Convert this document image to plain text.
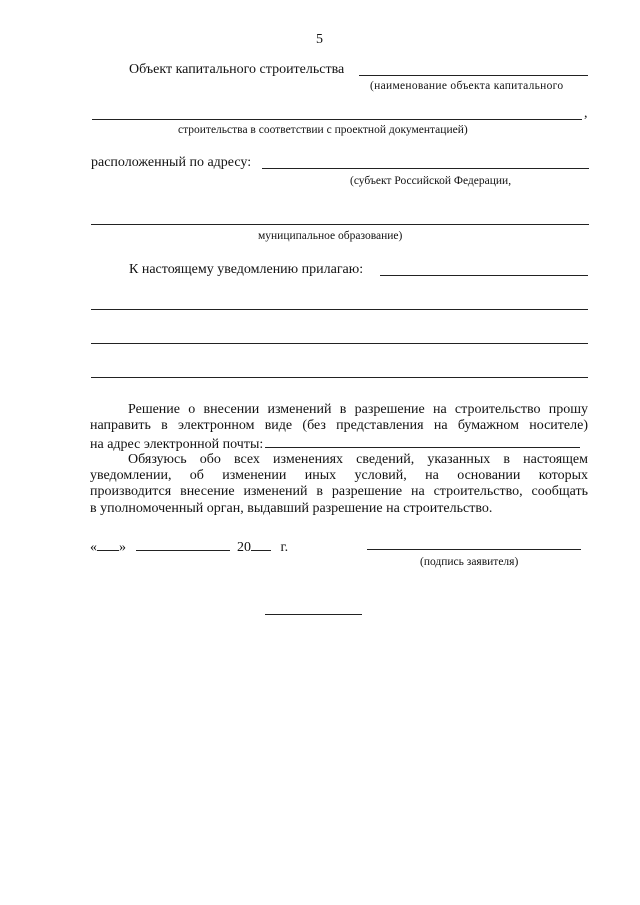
5
Объект капитального строительства
(наименование объекта капитального
,
строительства в соответствии с проектной документацией)
расположенный по адресу:
(субъект Российской Федерации,
муниципальное образование)
К настоящему уведомлению прилагаю:
Решение о внесении изменений в разрешение на строительство прошу
направить в электронном виде (без представления на бумажном носителе)
на адрес электронной почты:
Обязуюсь обо всех изменениях сведений, указанных в настоящем
уведомлении, об изменении иных условий, на основании которых
производится внесение изменений в разрешение на строительство, сообщать
в уполномоченный орган, выдавший разрешение на строительство.
« »	20 г.
(подпись заявителя)
